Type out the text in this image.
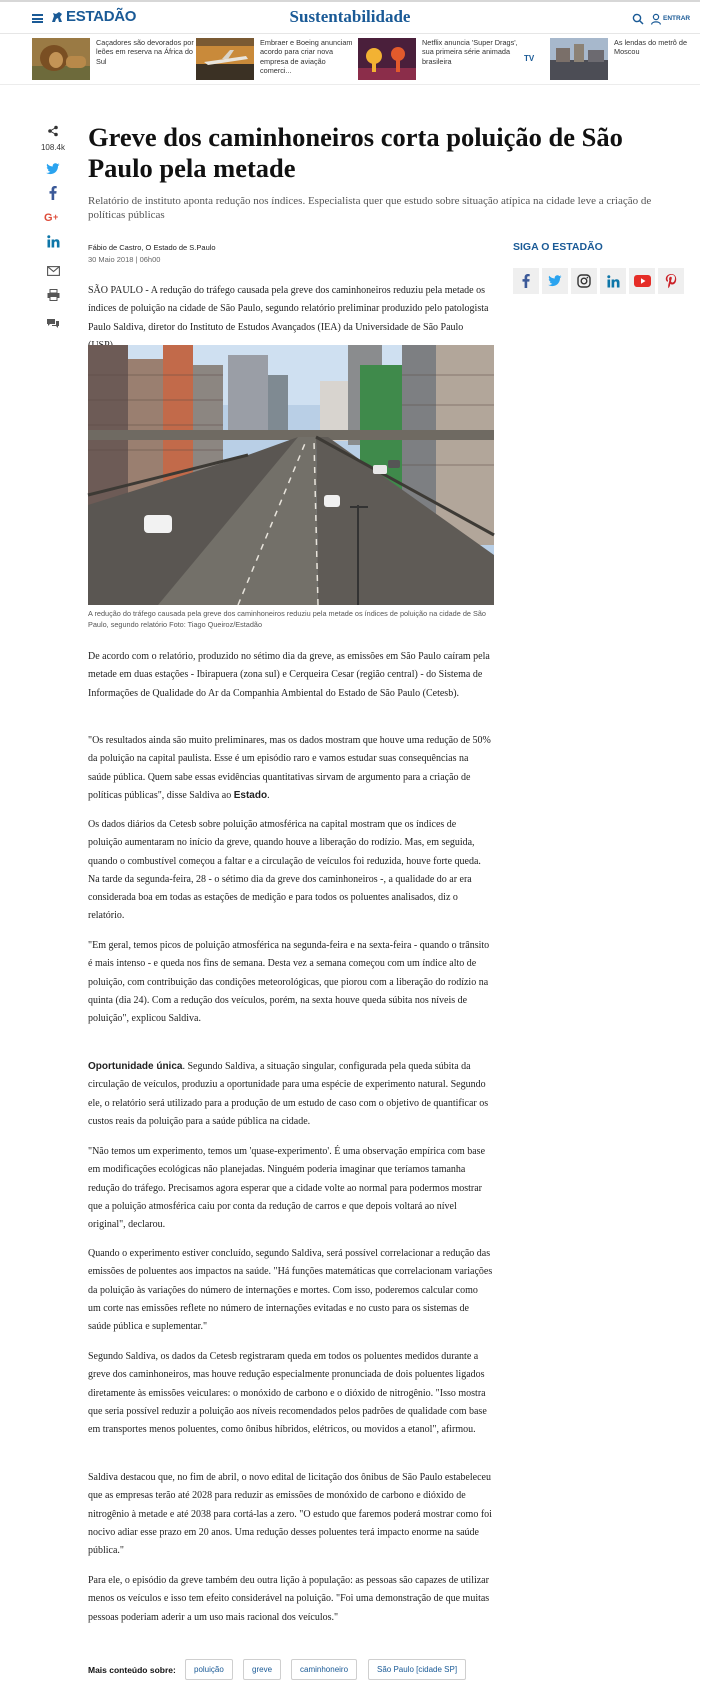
ESTADÃO	Sustentabilidade	ENTRAR
Caçadores são devorados por leões em reserva na África do Sul
Embraer e Boeing anunciam acordo para criar nova empresa de aviação comerci...
Netflix anuncia 'Super Drags', sua primeira série animada brasileira	TV
As lendas do metrô de Moscou
108.4k
G +
Greve dos caminhoneiros corta poluição de São Paulo pela metade

Relatório de instituto aponta redução nos índices. Especialista quer que estudo sobre situação atípica na cidade leve a criação de políticas públicas

Fábio de Castro, O Estado de S.Paulo
30 Maio 2018 | 06h00
SIGA O ESTADÃO

SÃO PAULO - A redução do tráfego causada pela greve dos caminhoneiros reduziu pela metade os índices de poluição na cidade de São Paulo, segundo relatório preliminar produzido pelo patologista Paulo Saldiva, diretor do Instituto de Estudos Avançados (IEA) da Universidade de São Paulo

A redução do tráfego causada pela greve dos caminhoneiros reduziu pela metade os índices de poluição na cidade de São Paulo, segundo relatório Foto: Tiago Queiroz/Estadão

De acordo com o relatório, produzido no sétimo dia da greve, as emissões em São Paulo caíram pela metade em duas estações - Ibirapuera (zona sul) e Cerqueira Cesar (região central) - do Sistema de Informações de Qualidade do Ar da Companhia Ambiental do Estado de São Paulo (Cetesb).

"Os resultados ainda são muito preliminares, mas os dados mostram que houve uma redução de 50% da poluição na capital paulista. Esse é um episódio raro e vamos estudar suas consequências na saúde pública. Quem sabe essas evidências quantitativas sirvam de argumento para a criação de políticas públicas", disse Saldiva ao Estado.

Os dados diários da Cetesb sobre poluição atmosférica na capital mostram que os índices de poluição aumentaram no início da greve, quando houve a liberação do rodízio. Mas, em seguida, quando o combustível começou a faltar e a circulação de veículos foi reduzida, houve forte queda. Na tarde da segunda-feira, 28 - o sétimo dia da greve dos caminhoneiros -, a qualidade do ar era considerada boa em todas as estações de medição e para todos os poluentes analisados, diz o relatório.

"Em geral, temos picos de poluição atmosférica na segunda-feira e na sexta-feira - quando o trânsito é mais intenso - e queda nos fins de semana. Desta vez a semana começou com um índice alto de poluição, com contribuição das condições meteorológicas, que piorou com a liberação do rodízio na quinta (dia 24). Com a redução dos veículos, porém, na sexta houve queda súbita nos níveis de poluição", explicou Saldiva.

Oportunidade única. Segundo Saldiva, a situação singular, configurada pela queda súbita da circulação de veículos, produziu a oportunidade para uma espécie de experimento natural. Segundo ele, o relatório será utilizado para a produção de um estudo de caso com o objetivo de quantificar os custos reais da poluição para a saúde pública na cidade.

"Não temos um experimento, temos um 'quase-experimento'. É uma observação empírica com base em modificações ecológicas não planejadas. Ninguém poderia imaginar que teríamos tamanha redução do tráfego. Precisamos agora esperar que a cidade volte ao normal para podermos mostrar que a poluição atmosférica caiu por conta da redução de carros e que depois voltará ao nível original", declarou.

Quando o experimento estiver concluído, segundo Saldiva, será possível correlacionar a redução das emissões de poluentes aos impactos na saúde. "Há funções matemáticas que correlacionam variações da poluição às variações do número de internações e mortes. Com isso, poderemos calcular como um corte nas emissões reflete no número de internações evitadas e no custo para os sistemas de saúde pública e suplementar."

Segundo Saldiva, os dados da Cetesb registraram queda em todos os poluentes medidos durante a greve dos caminhoneiros, mas houve redução especialmente pronunciada de dois poluentes ligados diretamente às emissões veiculares: o monóxido de carbono e o dióxido de nitrogênio. "Isso mostra que seria possível reduzir a poluição aos níveis recomendados pelos padrões de qualidade com base em transportes menos poluentes, como ônibus híbridos, elétricos, ou movidos a etanol", afirmou.

Saldiva destacou que, no fim de abril, o novo edital de licitação dos ônibus de São Paulo estabeleceu que as empresas terão até 2028 para reduzir as emissões de monóxido de carbono e dióxido de nitrogênio à metade e até 2038 para cortá-las a zero. "O estudo que faremos poderá mostrar como foi nocivo adiar esse prazo em 20 anos. Uma redução desses poluentes terá impacto enorme na saúde pública."

Para ele, o episódio da greve também deu outra lição à população: as pessoas são capazes de utilizar menos os veículos e isso tem efeito considerável na poluição. "Foi uma demonstração de que muitas pessoas poderiam aderir a um uso mais racional dos veículos."

Mais conteúdo sobre:	poluição	greve	caminhoneiro	São Paulo [cidade SP]
